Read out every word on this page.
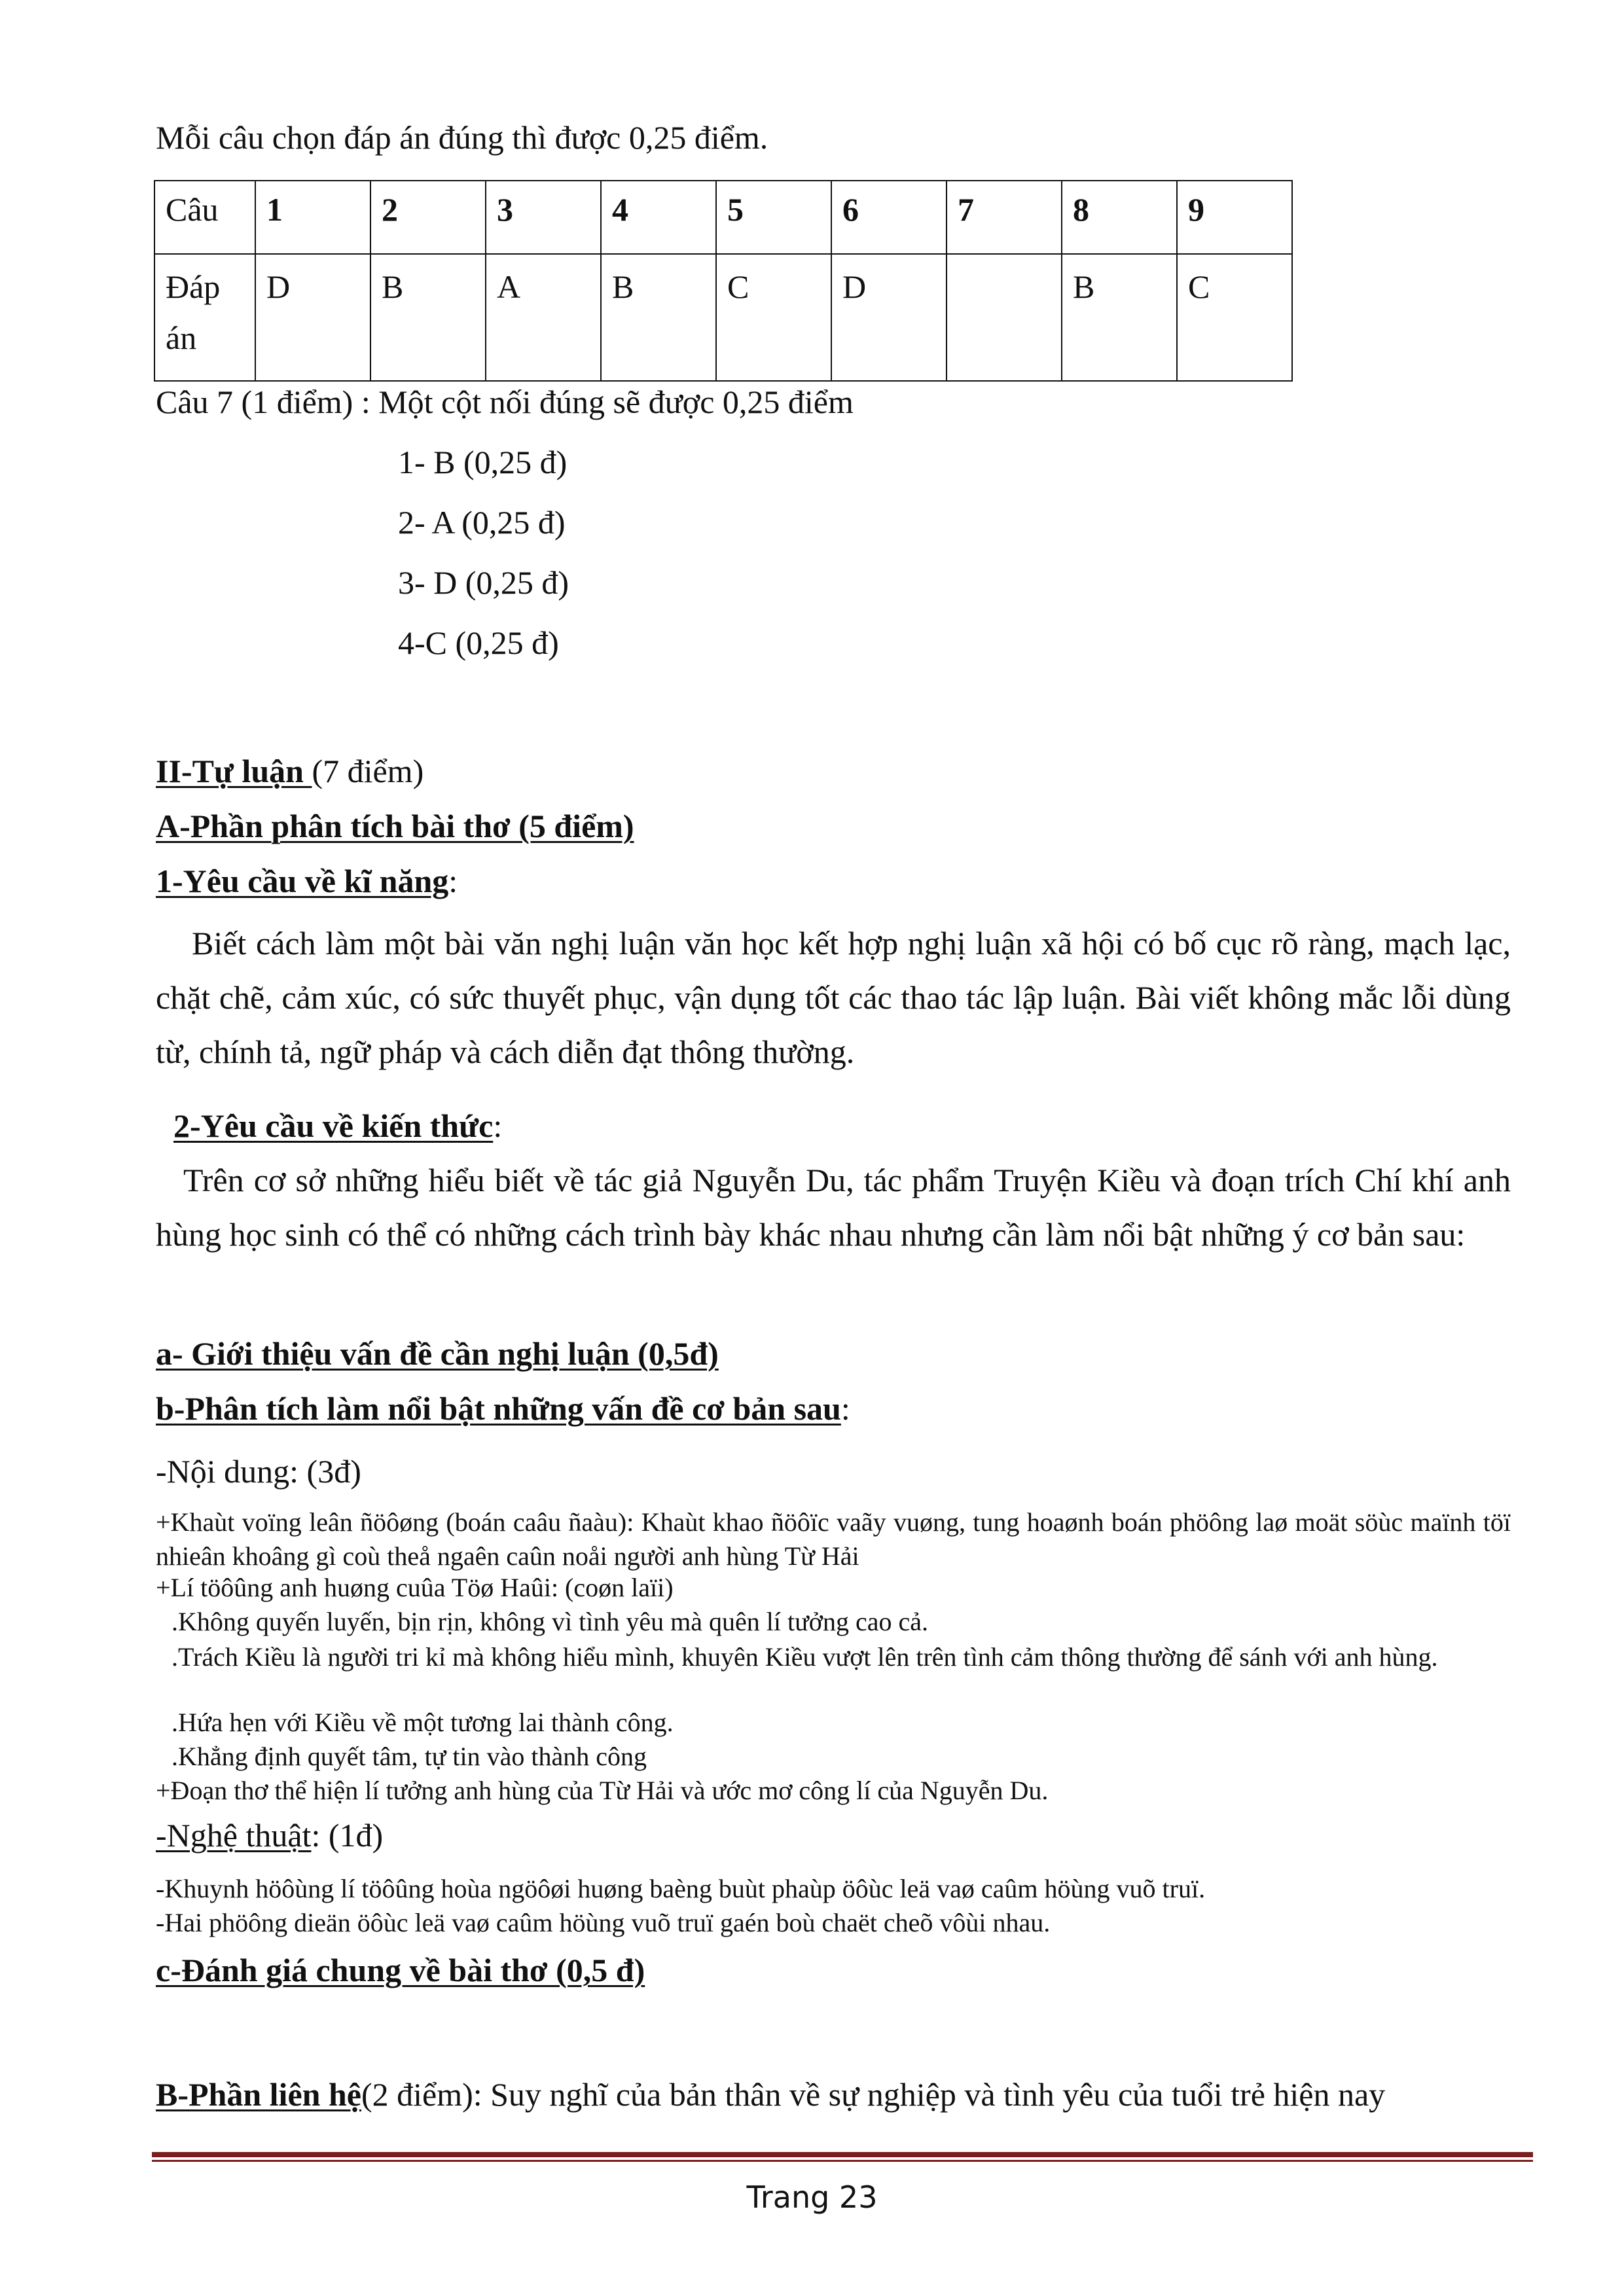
Mỗi câu chọn đáp án đúng thì được 0,25 điểm.
Câu	1	2	3	4	5	6	7	8	9

Đáp án	D	B	A	B	C	D		B	C
Câu 7 (1 điểm) : Một cột nối đúng sẽ được 0,25 điểm
1- B (0,25 đ)
2- A (0,25 đ)
3- D (0,25 đ)
4-C (0,25 đ)
II-Tự luận (7 điểm)
A-Phần phân tích bài thơ (5 điểm)
1-Yêu cầu về kĩ năng:
Biết cách làm một bài văn nghị luận văn học kết hợp nghị luận xã hội có bố cục rõ ràng, mạch lạc, chặt chẽ, cảm xúc, có sức thuyết phục, vận dụng tốt các thao tác lập luận. Bài viết không mắc lỗi dùng từ, chính tả, ngữ pháp và cách diễn đạt thông thường.
2-Yêu cầu về kiến thức:
Trên cơ sở những hiểu biết về tác giả Nguyễn Du, tác phẩm Truyện Kiều và đoạn trích Chí khí anh hùng học sinh có thể có những cách trình bày khác nhau nhưng cần làm nổi bật những ý cơ bản sau:
a- Giới thiệu vấn đề cần nghị luận (0,5đ)
b-Phân tích làm nổi bật những vấn đề cơ bản sau:
-Nội dung: (3đ)
+Khaùt voïng leân ñöôøng (boán caâu ñaàu): Khaùt khao ñöôïc vaãy vuøng, tung hoaønh boán phöông laø moät söùc maïnh töï nhieân khoâng gì coù theå ngaên caûn noåi người anh hùng Từ Hải
+Lí töôûng anh huøng cuûa Töø Haûi: (coøn laïi)
.Không quyến luyến, bịn rịn, không vì tình yêu mà quên lí tưởng cao cả.
.Trách Kiều là người tri kỉ mà không hiểu mình, khuyên Kiều vượt lên trên tình cảm thông thường để sánh với anh hùng.
.Hứa hẹn với Kiều về một tương lai thành công.
.Khẳng định quyết tâm, tự tin vào thành công
+Đoạn thơ thể hiện lí tưởng anh hùng của Từ Hải và ước mơ công lí của Nguyễn Du.
-Nghệ thuật: (1đ)
-Khuynh höôùng lí töôûng hoùa ngöôøi huøng baèng buùt phaùp öôùc leä vaø caûm höùng vuõ truï.
-Hai phöông dieän öôùc leä vaø caûm höùng vuõ truï gaén boù chaët cheõ vôùi nhau.
c-Đánh giá chung về bài thơ (0,5 đ)
B-Phần liên hệ(2 điểm): Suy nghĩ của bản thân về sự nghiệp và tình yêu của tuổi trẻ hiện nay
Trang 23
